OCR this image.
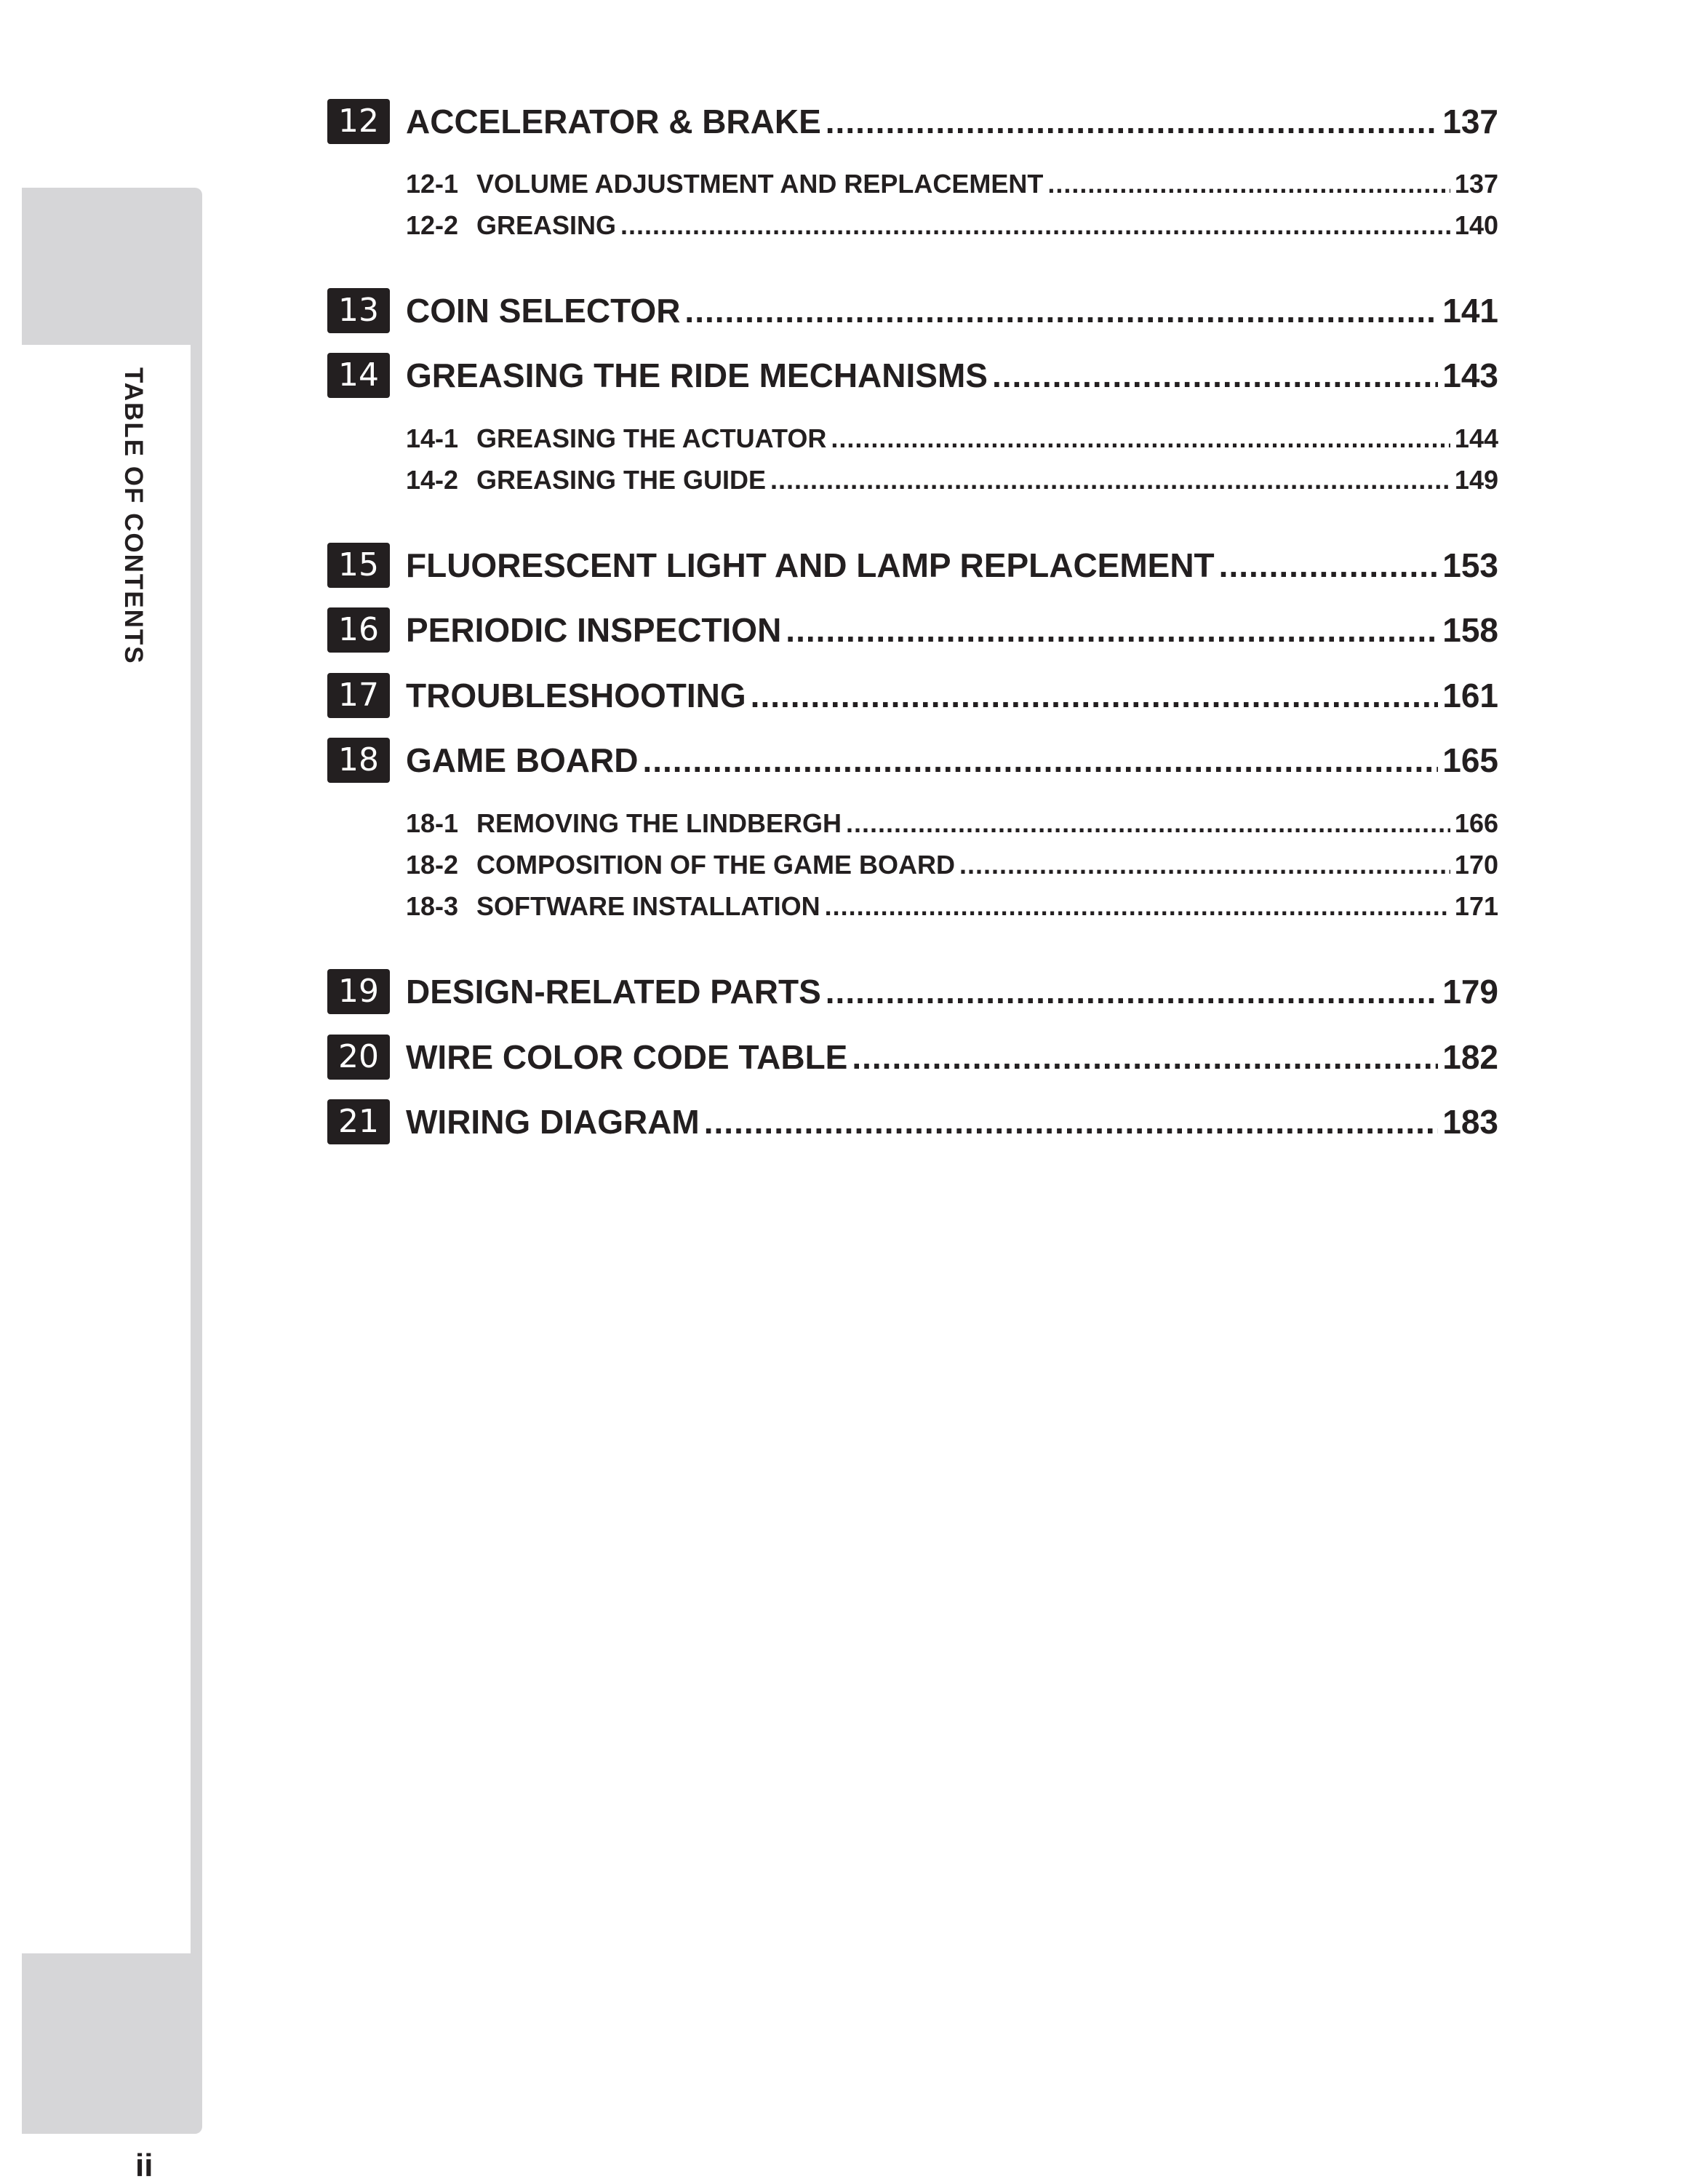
TABLE OF CONTENTS
12 ACCELERATOR & BRAKE .....	137
12-1 VOLUME ADJUSTMENT AND REPLACEMENT .....	137
12-2 GREASING .....	140
13 COIN SELECTOR .....	141
14 GREASING THE RIDE MECHANISMS .....	143
14-1 GREASING THE ACTUATOR .....	144
14-2 GREASING THE GUIDE .....	149
15 FLUORESCENT LIGHT AND LAMP REPLACEMENT .....	153
16 PERIODIC INSPECTION .....	158
17 TROUBLESHOOTING .....	161
18 GAME BOARD .....	165
18-1 REMOVING THE LINDBERGH .....	166
18-2 COMPOSITION OF THE GAME BOARD .....	170
18-3 SOFTWARE INSTALLATION .....	171
19 DESIGN-RELATED PARTS .....	179
20 WIRE COLOR CODE TABLE .....	182
21 WIRING DIAGRAM .....	183
ii
